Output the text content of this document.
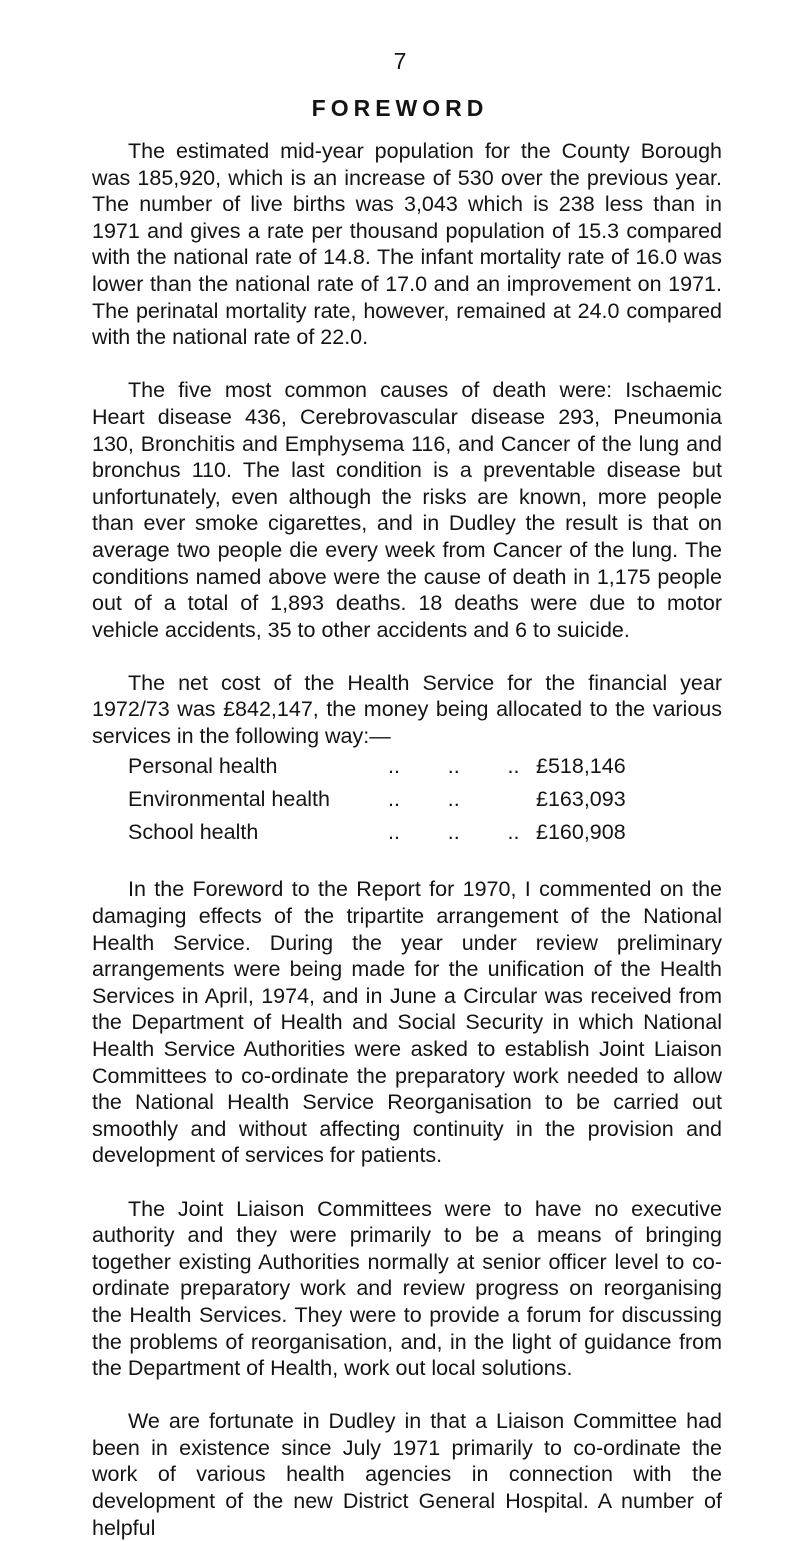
7
FOREWORD

The estimated mid-year population for the County Borough was 185,920, which is an increase of 530 over the previous year. The number of live births was 3,043 which is 238 less than in 1971 and gives a rate per thousand population of 15.3 compared with the national rate of 14.8. The infant mortality rate of 16.0 was lower than the national rate of 17.0 and an improvement on 1971. The perinatal mortality rate, however, remained at 24.0 compared with the national rate of 22.0.

The five most common causes of death were: Ischaemic Heart disease 436, Cerebrovascular disease 293, Pneumonia 130, Bronchitis and Emphysema 116, and Cancer of the lung and bronchus 110. The last condition is a preventable disease but unfortunately, even although the risks are known, more people than ever smoke cigarettes, and in Dudley the result is that on average two people die every week from Cancer of the lung. The conditions named above were the cause of death in 1,175 people out of a total of 1,893 deaths. 18 deaths were due to motor vehicle accidents, 35 to other accidents and 6 to suicide.

The net cost of the Health Service for the financial year 1972/73 was £842,147, the money being allocated to the various services in the following way:—

Personal health	..        ..        .. £518,146
Environmental health	..        ..	£163,093
School health	..        ..        .. £160,908

In the Foreword to the Report for 1970, I commented on the damaging effects of the tripartite arrangement of the National Health Service. During the year under review preliminary arrangements were being made for the unification of the Health Services in April, 1974, and in June a Circular was received from the Department of Health and Social Security in which National Health Service Authorities were asked to establish Joint Liaison Committees to co-ordinate the preparatory work needed to allow the National Health Service Reorganisation to be carried out smoothly and without affecting continuity in the provision and development of services for patients.

The Joint Liaison Committees were to have no executive authority and they were primarily to be a means of bringing together existing Authorities normally at senior officer level to co-ordinate preparatory work and review progress on reorganising the Health Services. They were to provide a forum for discussing the problems of reorganisation, and, in the light of guidance from the Department of Health, work out local solutions.

We are fortunate in Dudley in that a Liaison Committee had been in existence since July 1971 primarily to co-ordinate the work of various health agencies in connection with the development of the new District General Hospital. A number of helpful
